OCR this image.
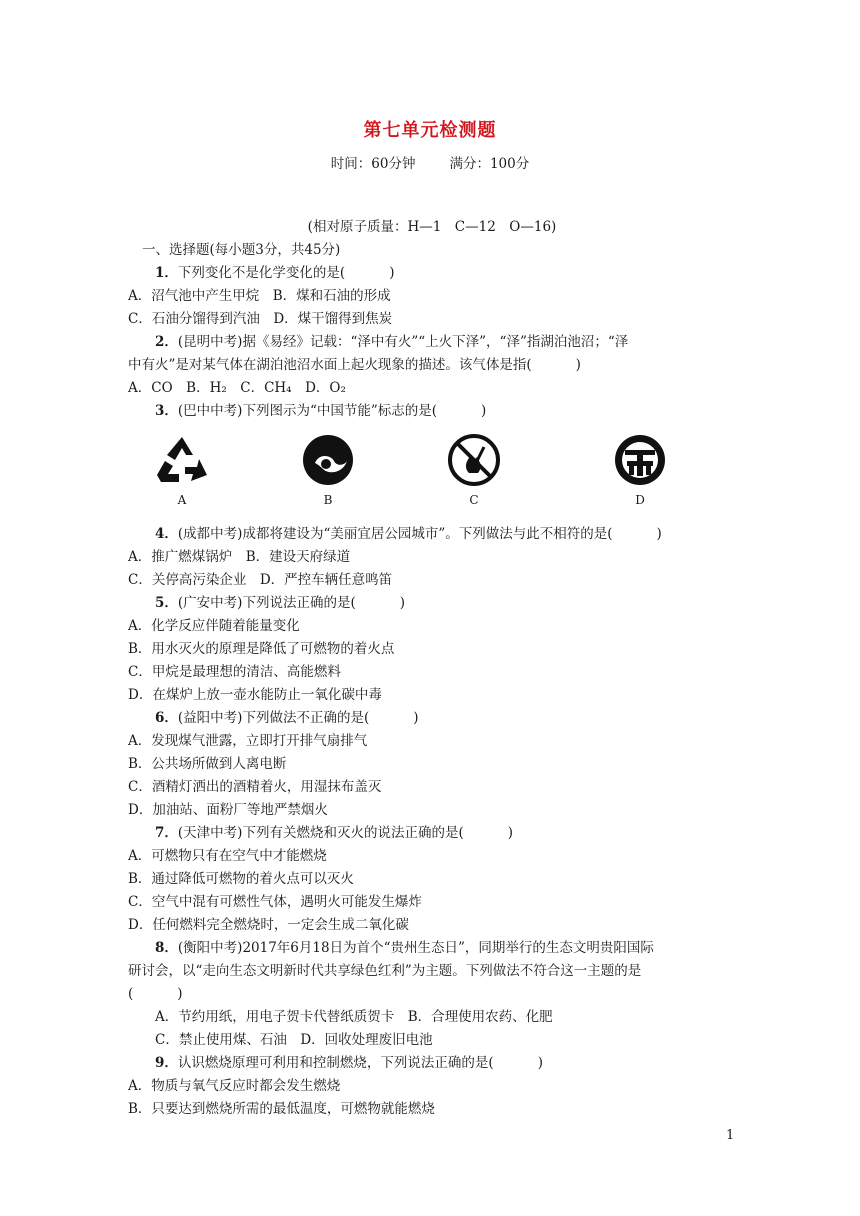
第七单元检测题
时间：60分钟	满分：100分
(相对原子质量：H—1　C—12　O—16)
一、选择题(每小题3分，共45分)
1．下列变化不是化学变化的是(	)
A．沼气池中产生甲烷　B．煤和石油的形成
C．石油分馏得到汽油　D．煤干馏得到焦炭
2．(昆明中考)据《易经》记载：“泽中有火”“上火下泽”，“泽”指湖泊池沼；“泽
中有火”是对某气体在湖泊池沼水面上起火现象的描述。该气体是指(	)
A．CO　B．H₂　C．CH₄　D．O₂
3．(巴中中考)下列图示为“中国节能”标志的是(	)
A	B	C	D
4．(成都中考)成都将建设为“美丽宜居公园城市”。下列做法与此不相符的是(	)
A．推广燃煤锅炉　B．建设天府绿道
C．关停高污染企业　D．严控车辆任意鸣笛
5．(广安中考)下列说法正确的是(	)
A．化学反应伴随着能量变化
B．用水灭火的原理是降低了可燃物的着火点
C．甲烷是最理想的清洁、高能燃料
D．在煤炉上放一壶水能防止一氧化碳中毒
6．(益阳中考)下列做法不正确的是(	)
A．发现煤气泄露，立即打开排气扇排气
B．公共场所做到人离电断
C．酒精灯洒出的酒精着火，用湿抹布盖灭
D．加油站、面粉厂等地严禁烟火
7．(天津中考)下列有关燃烧和灭火的说法正确的是(	)
A．可燃物只有在空气中才能燃烧
B．通过降低可燃物的着火点可以灭火
C．空气中混有可燃性气体，遇明火可能发生爆炸
D．任何燃料完全燃烧时，一定会生成二氧化碳
8．(衡阳中考)2017年6月18日为首个“贵州生态日”，同期举行的生态文明贵阳国际
研讨会，以“走向生态文明新时代共享绿色红利”为主题。下列做法不符合这一主题的是
(	)
A．节约用纸，用电子贺卡代替纸质贺卡　B．合理使用农药、化肥
C．禁止使用煤、石油　D．回收处理废旧电池
9．认识燃烧原理可利用和控制燃烧，下列说法正确的是(	)
A．物质与氧气反应时都会发生燃烧
B．只要达到燃烧所需的最低温度，可燃物就能燃烧
1
